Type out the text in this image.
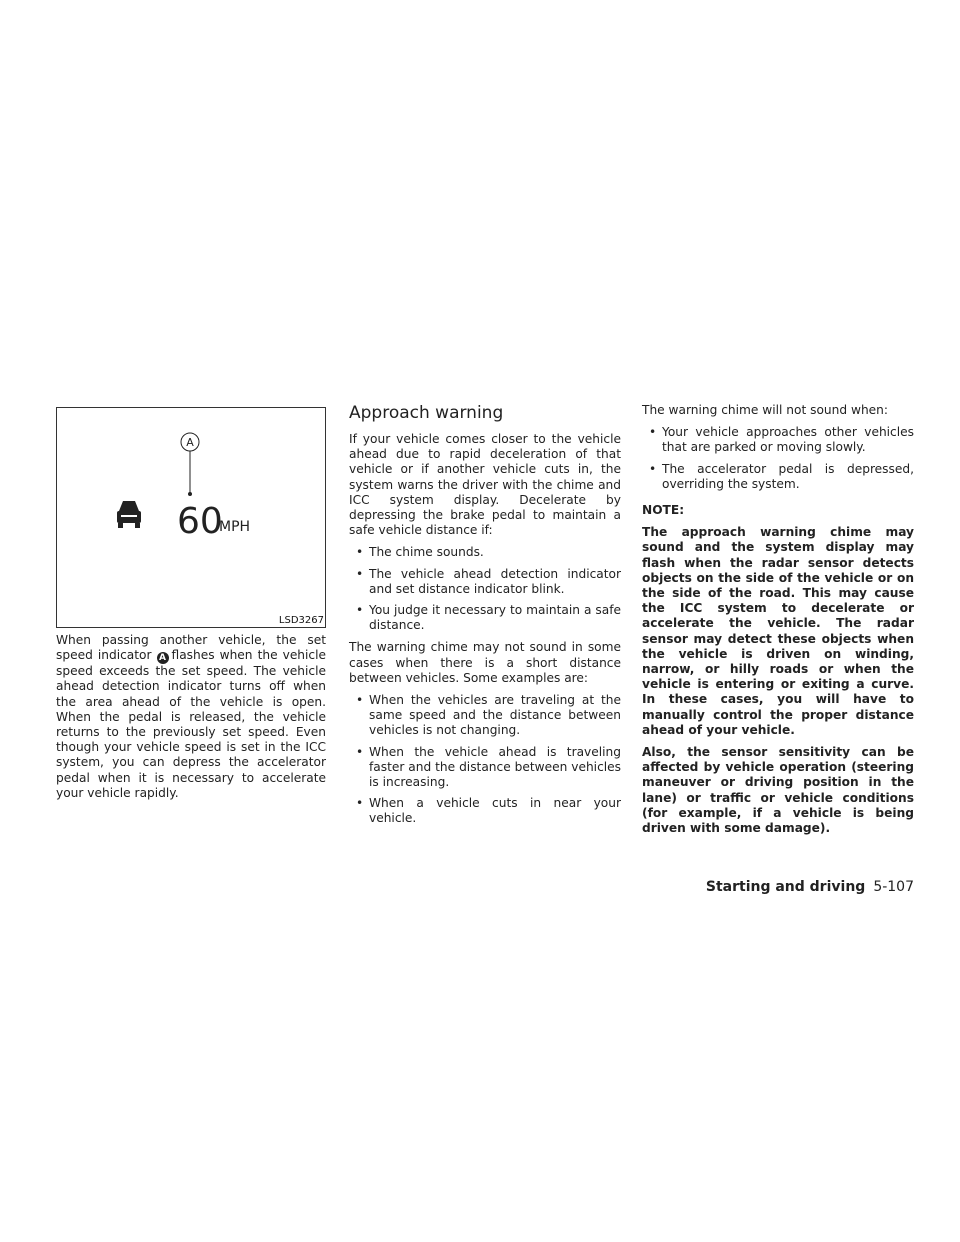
A
60
MPH
LSD3267

When passing another vehicle, the set speed indicator A flashes when the vehicle speed exceeds the set speed. The vehicle ahead detection indicator turns off when the area ahead of the vehicle is open. When the pedal is released, the vehicle returns to the previously set speed. Even though your vehicle speed is set in the ICC system, you can depress the accelerator pedal when it is necessary to accelerate your vehicle rapidly.

Approach warning

If your vehicle comes closer to the vehicle ahead due to rapid deceleration of that vehicle or if another vehicle cuts in, the system warns the driver with the chime and ICC system display. Decelerate by depressing the brake pedal to maintain a safe vehicle distance if:

• The chime sounds.
• The vehicle ahead detection indicator and set distance indicator blink.
• You judge it necessary to maintain a safe distance.

The warning chime may not sound in some cases when there is a short distance between vehicles. Some examples are:

• When the vehicles are traveling at the same speed and the distance between vehicles is not changing.
• When the vehicle ahead is traveling faster and the distance between vehicles is increasing.
• When a vehicle cuts in near your vehicle.

The warning chime will not sound when:

• Your vehicle approaches other vehicles that are parked or moving slowly.
• The accelerator pedal is depressed, overriding the system.

NOTE:

The approach warning chime may sound and the system display may flash when the radar sensor detects objects on the side of the vehicle or on the side of the road. This may cause the ICC system to decelerate or accelerate the vehicle. The radar sensor may detect these objects when the vehicle is driven on winding, narrow, or hilly roads or when the vehicle is entering or exiting a curve. In these cases, you will have to manually control the proper distance ahead of your vehicle.

Also, the sensor sensitivity can be affected by vehicle operation (steering maneuver or driving position in the lane) or traffic or vehicle conditions (for example, if a vehicle is being driven with some damage).

Starting and driving 5-107
